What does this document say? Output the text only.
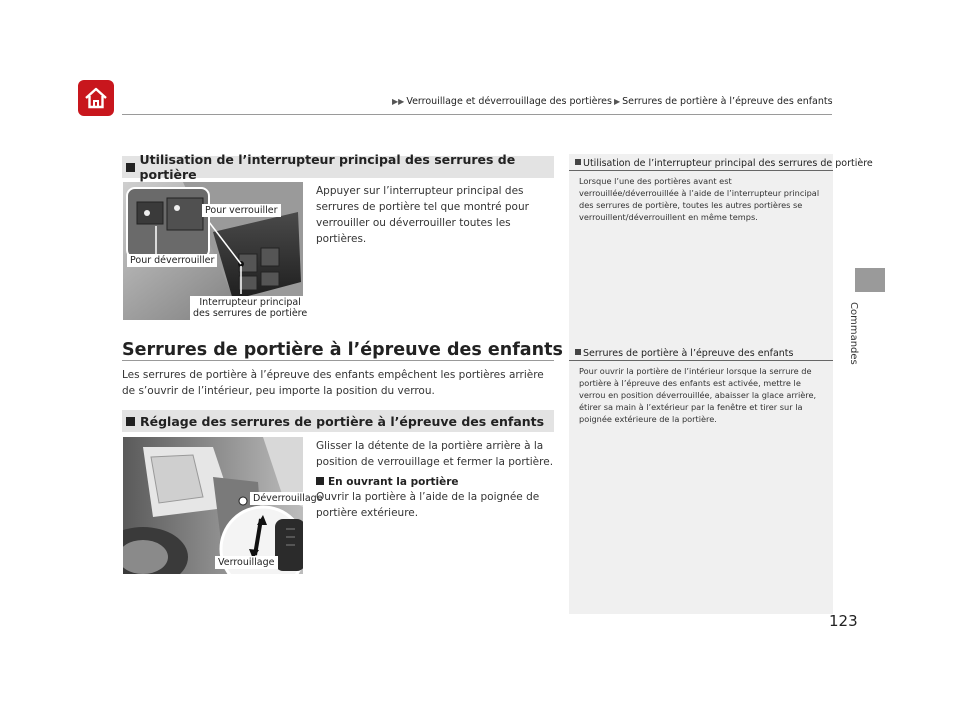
▶▶ Verrouillage et déverrouillage des portières ▶ Serrures de portière à l’épreuve des enfants
Commandes
Utilisation de l’interrupteur principal des serrures de portière
Pour verrouiller
Pour déverrouiller
Interrupteur principal
des serrures de portière
Appuyer sur l’interrupteur principal des serrures de portière tel que montré pour verrouiller ou déverrouiller toutes les portières.
Serrures de portière à l’épreuve des enfants
Les serrures de portière à l’épreuve des enfants empêchent les portières arrière de s’ouvrir de l’intérieur, peu importe la position du verrou.
Réglage des serrures de portière à l’épreuve des enfants
Déverrouillage
Verrouillage
Glisser la détente de la portière arrière à la position de verrouillage et fermer la portière.
En ouvrant la portière
Ouvrir la portière à l’aide de la poignée de portière extérieure.
Utilisation de l’interrupteur principal des serrures de portière
Lorsque l’une des portières avant est verrouillée/déverrouillée à l’aide de l’interrupteur principal des serrures de portière, toutes les autres portières se verrouillent/déverrouillent en même temps.
Serrures de portière à l’épreuve des enfants
Pour ouvrir la portière de l’intérieur lorsque la serrure de portière à l’épreuve des enfants est activée, mettre le verrou en position déverrouillée, abaisser la glace arrière, étirer sa main à l’extérieur par la fenêtre et tirer sur la poignée extérieure de la portière.
123
